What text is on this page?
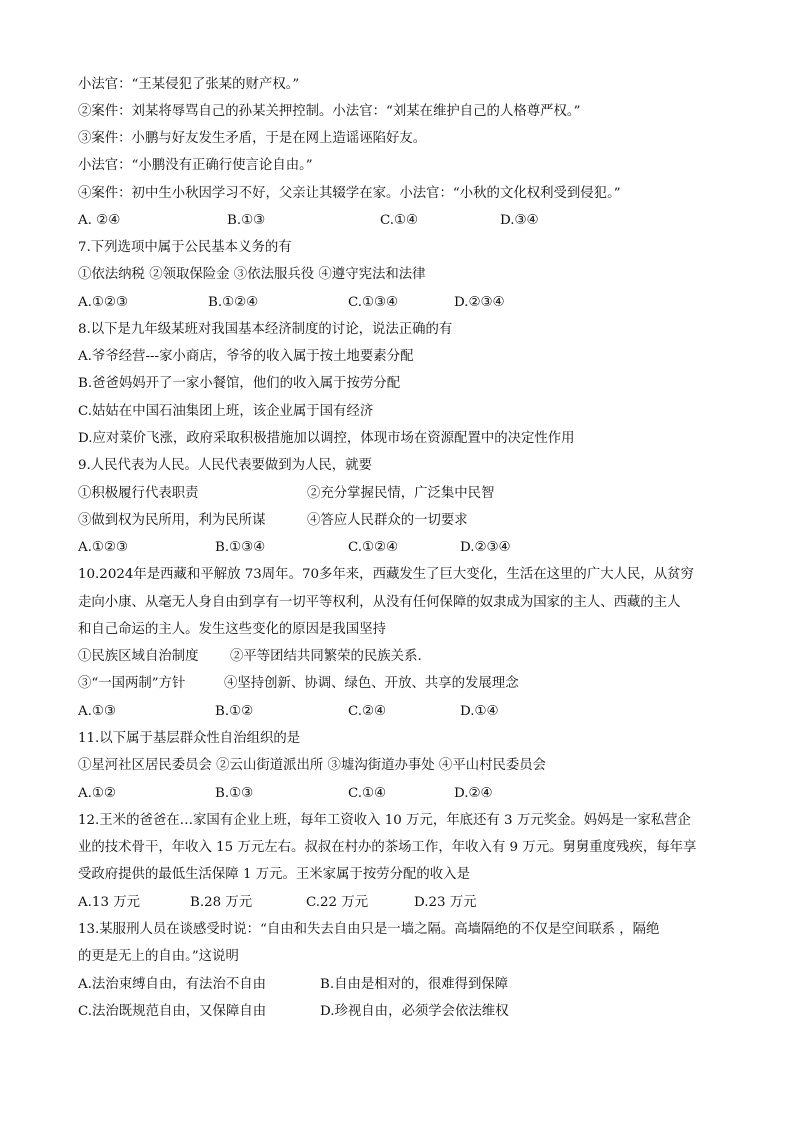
小法官：“王某侵犯了张某的财产权。”
②案件：刘某将辱骂自己的孙某关押控制。小法官：“刘某在维护自己的人格尊严权。”
③案件：小鹏与好友发生矛盾，于是在网上造谣诬陷好友。
小法官：“小鹏没有正确行使言论自由。”
④案件：初中生小秋因学习不好，父亲让其辍学在家。小法官：“小秋的文化权利受到侵犯。”
A. ②④	B.①③	C.①④	D.③④
7.下列选项中属于公民基本义务的有
①依法纳税 ②领取保险金 ③依法服兵役 ④遵守宪法和法律
A.①②③	B.①②④	C.①③④	D.②③④
8.以下是九年级某班对我国基本经济制度的讨论，说法正确的有
A.爷爷经营---家小商店，爷爷的收入属于按土地要素分配
B.爸爸妈妈开了一家小餐馆，他们的收入属于按劳分配
C.姑姑在中国石油集团上班，该企业属于国有经济
D.应对菜价飞涨，政府采取积极措施加以调控，体现市场在资源配置中的决定性作用
9.人民代表为人民。人民代表要做到为人民，就要
①积极履行代表职责	②充分掌握民情，广泛集中民智
③做到权为民所用，利为民所谋	④答应人民群众的一切要求
A.①②③	B.①③④	C.①②④	D.②③④
10.2024年是西藏和平解放 73周年。70多年来，西藏发生了巨大变化，生活在这里的广大人民，从贫穷
走向小康、从毫无人身自由到享有一切平等权利，从没有任何保障的奴隶成为国家的主人、西藏的主人
和自己命运的主人。发生这些变化的原因是我国坚持
①民族区域自治制度 ②平等团结共同繁荣的民族关系.
③“一国两制”方针	④坚持创新、协调、绿色、开放、共享的发展理念
A.①③	B.①②	C.②④	D.①④
11.以下属于基层群众性自治组织的是
①星河社区居民委员会 ②云山街道派出所 ③墟沟街道办事处 ④平山村民委员会
A.①②	B.①③	C.①④	D.②④
12.王米的爸爸在…家国有企业上班，每年工资收入 10 万元，年底还有 3 万元奖金。妈妈是一家私营企
业的技术骨干，年收入 15 万元左右。叔叔在村办的茶场工作，年收入有 9 万元。舅舅重度残疾，每年享
受政府提供的最低生活保障 1 万元。王米家属于按劳分配的收入是
A.13 万元	B.28 万元	C.22 万元	D.23 万元
13.某服刑人员在谈感受时说：“自由和失去自由只是一墙之隔。高墙隔绝的不仅是空间联系 ，隔绝
的更是无上的自由。”这说明
A.法治束缚自由，有法治不自由	B.自由是相对的，很难得到保障
C.法治既规范自由，又保障自由	D.珍视自由，必须学会依法维权
